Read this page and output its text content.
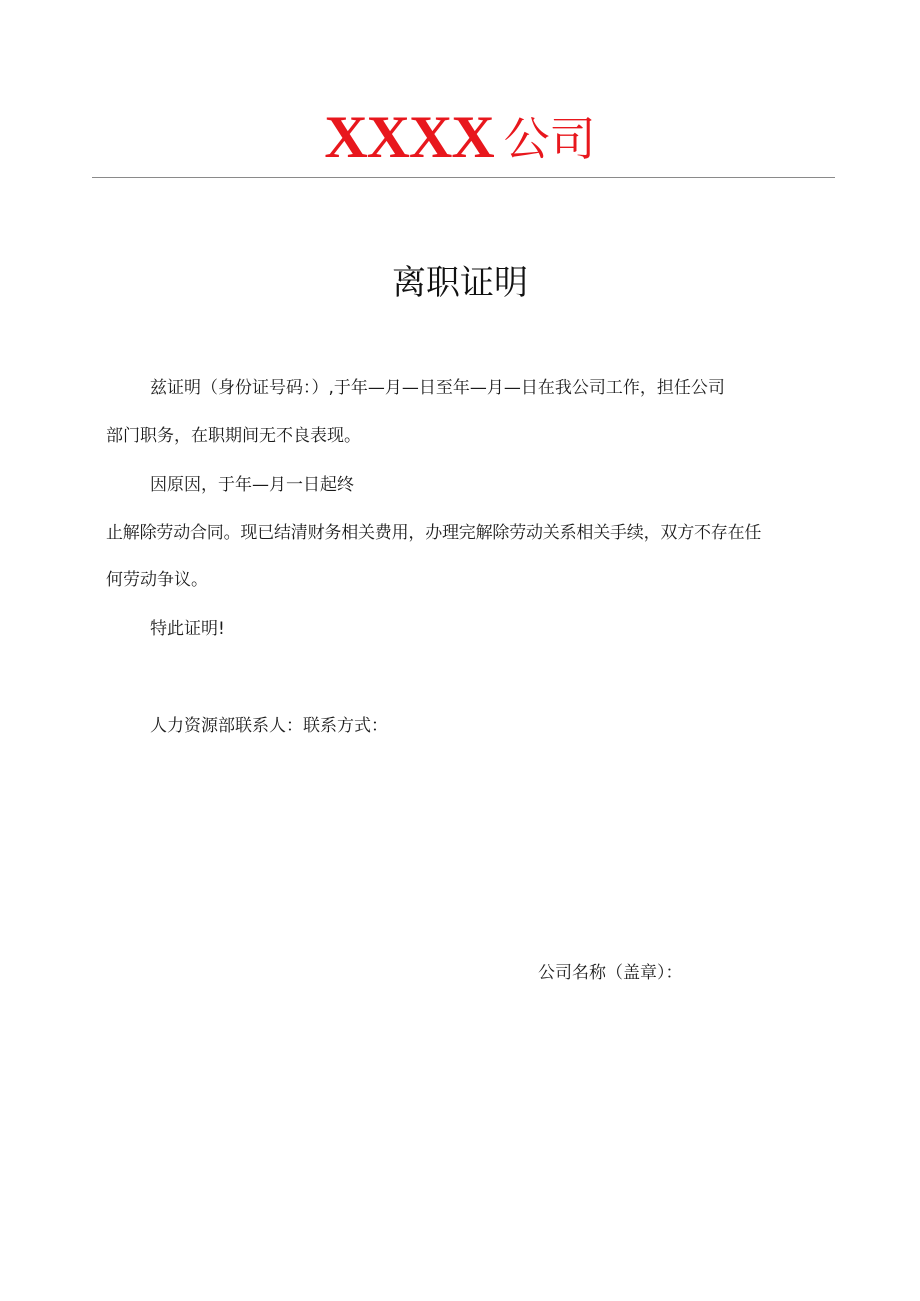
XXXX 公司
离职证明
兹证明（身份证号码：）,于年—月—日至年—月—日在我公司工作，担任公司
部门职务，在职期间无不良表现。
因原因，于年—月一日起终
止解除劳动合同。现已结清财务相关费用，办理完解除劳动关系相关手续，双方不存在任
何劳动争议。
特此证明!
人力资源部联系人：联系方式：
公司名称（盖章）：
